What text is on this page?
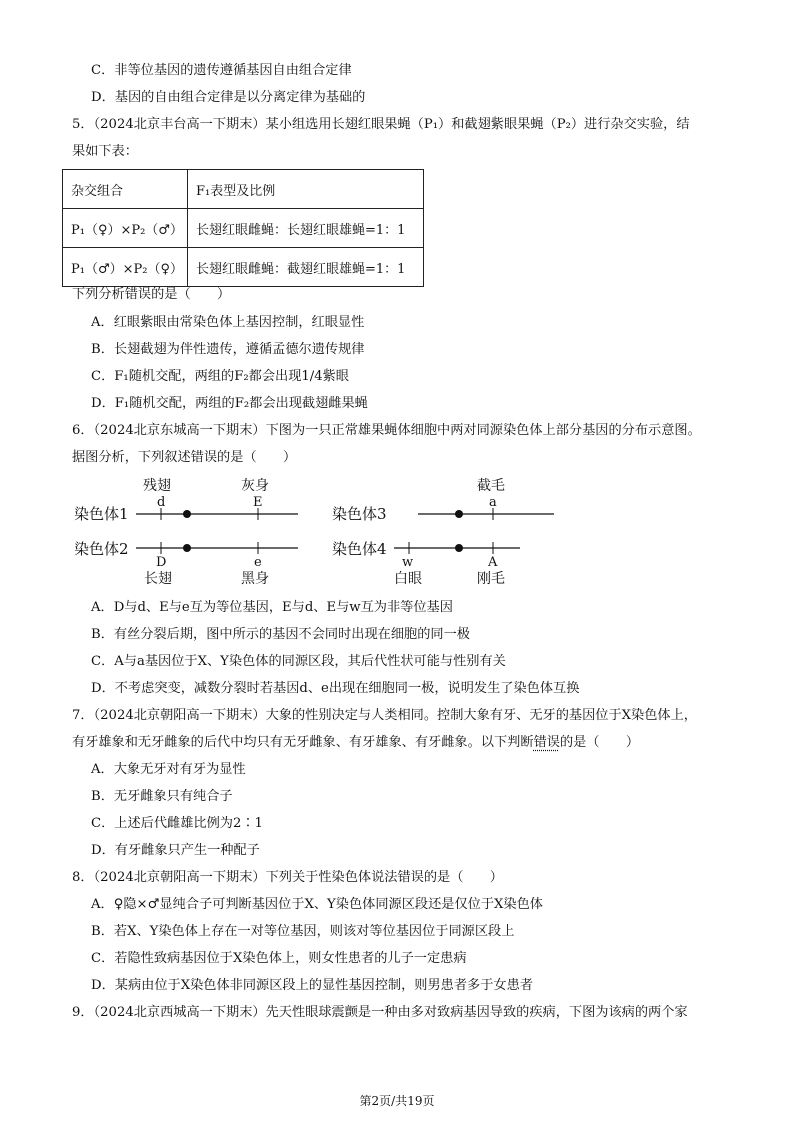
C．非等位基因的遗传遵循基因自由组合定律
D．基因的自由组合定律是以分离定律为基础的
5．（2024北京丰台高一下期末）某小组选用长翅红眼果蝇（P₁）和截翅紫眼果蝇（P₂）进行杂交实验，结
果如下表：
杂交组合	F₁表型及比例
P₁（♀）×P₂（♂）	长翅红眼雌蝇：长翅红眼雄蝇=1：1
P₁（♂）×P₂（♀）	长翅红眼雌蝇：截翅红眼雄蝇=1：1
下列分析错误的是（　　）
A．红眼紫眼由常染色体上基因控制，红眼显性
B．长翅截翅为伴性遗传，遵循孟德尔遗传规律
C．F₁随机交配，两组的F₂都会出现1/4紫眼
D．F₁随机交配，两组的F₂都会出现截翅雌果蝇
6．（2024北京东城高一下期末）下图为一只正常雄果蝇体细胞中两对同源染色体上部分基因的分布示意图。
据图分析，下列叙述错误的是（　　）
染色体1
残翅
d
灰身
E
染色体2
D
长翅
e
黑身
染色体3
截毛
a
染色体4
w
白眼
A
刚毛
A．D与d、E与e互为等位基因，E与d、E与w互为非等位基因
B．有丝分裂后期，图中所示的基因不会同时出现在细胞的同一极
C．A与a基因位于X、Y染色体的同源区段，其后代性状可能与性别有关
D．不考虑突变，减数分裂时若基因d、e出现在细胞同一极，说明发生了染色体互换
7．（2024北京朝阳高一下期末）大象的性别决定与人类相同。控制大象有牙、无牙的基因位于X染色体上，
有牙雄象和无牙雌象的后代中均只有无牙雌象、有牙雄象、有牙雌象。以下判断错误的是（　　）
A．大象无牙对有牙为显性
B．无牙雌象只有纯合子
C．上述后代雌雄比例为2∶1
D．有牙雌象只产生一种配子
8．（2024北京朝阳高一下期末）下列关于性染色体说法错误的是（　　）
A．♀隐×♂显纯合子可判断基因位于X、Y染色体同源区段还是仅位于X染色体
B．若X、Y染色体上存在一对等位基因，则该对等位基因位于同源区段上
C．若隐性致病基因位于X染色体上，则女性患者的儿子一定患病
D．某病由位于X染色体非同源区段上的显性基因控制，则男患者多于女患者
9．（2024北京西城高一下期末）先天性眼球震颤是一种由多对致病基因导致的疾病，下图为该病的两个家
第2页/共19页
